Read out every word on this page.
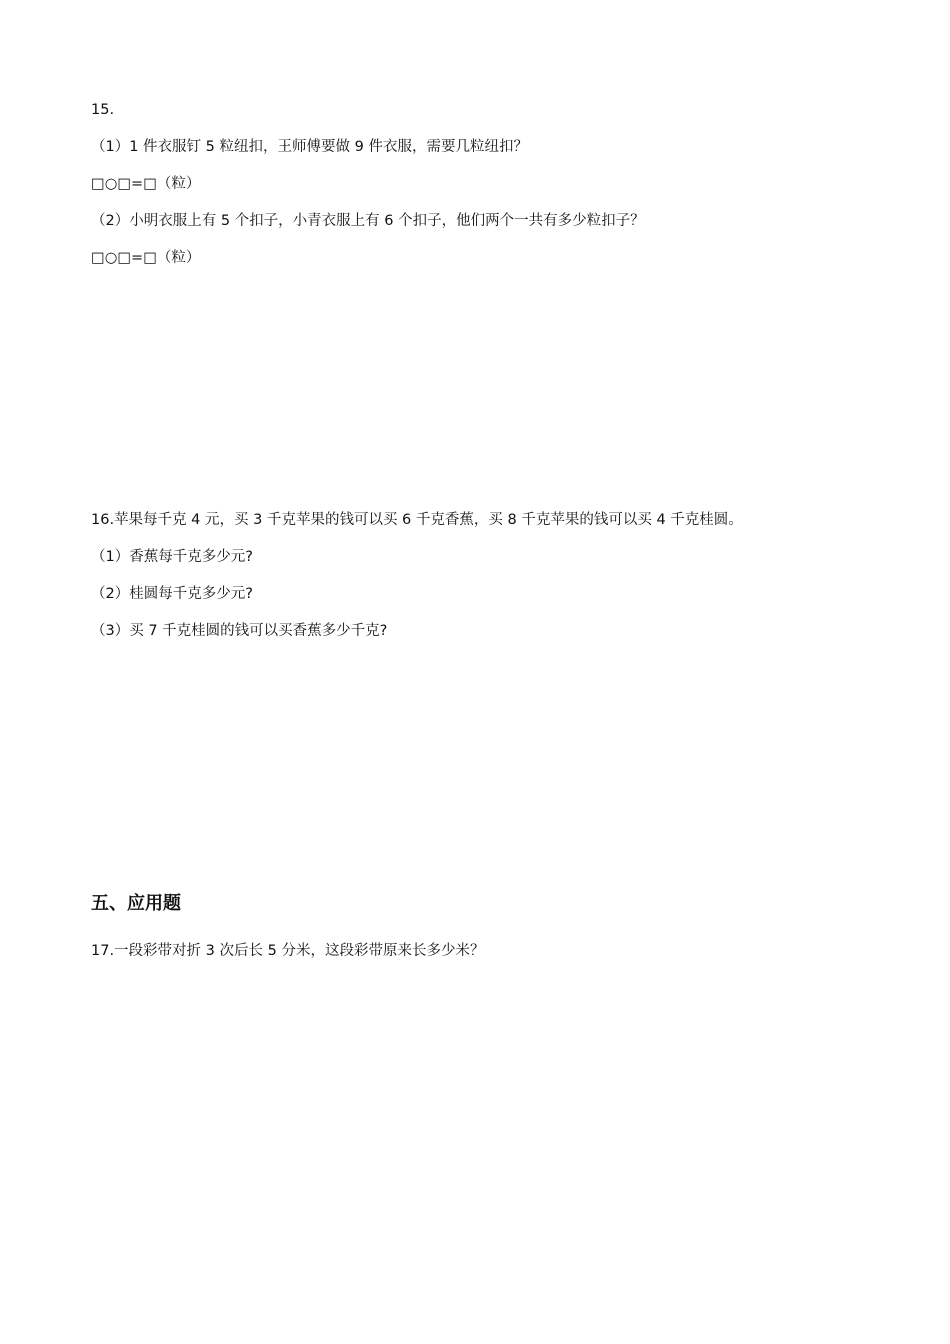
15.
（1）1 件衣服钉 5 粒纽扣，王师傅要做 9 件衣服，需要几粒纽扣？
□○□=□（粒）
（2）小明衣服上有 5 个扣子，小青衣服上有 6 个扣子，他们两个一共有多少粒扣子？
□○□=□（粒）
16.苹果每千克 4 元，买 3 千克苹果的钱可以买 6 千克香蕉，买 8 千克苹果的钱可以买 4 千克桂圆。
（1）香蕉每千克多少元?
（2）桂圆每千克多少元?
（3）买 7 千克桂圆的钱可以买香蕉多少千克?
五、应用题
17.一段彩带对折 3 次后长 5 分米，这段彩带原来长多少米？
